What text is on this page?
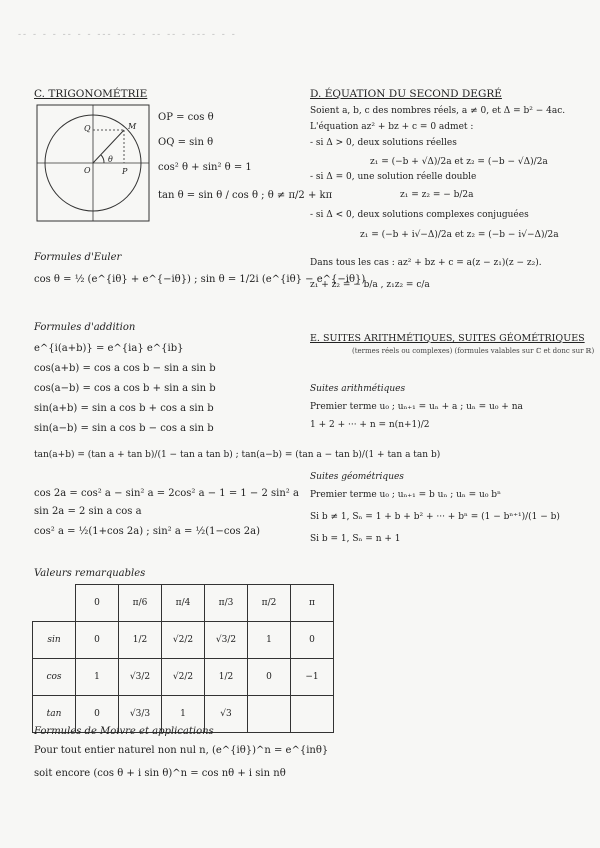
-- - - - -- - - --- -- - - -- -- - --- - - -
C. TRIGONOMÉTRIE
Q	M
P
O
θ
OP = cos θ
OQ = sin θ
cos² θ + sin² θ = 1
tan θ = sin θ / cos θ ; θ ≠ π/2 + kπ
Formules d'Euler
cos θ = ½ (e^{iθ} + e^{−iθ}) ; sin θ = 1/2i (e^{iθ} − e^{−iθ})
Formules d'addition
e^{i(a+b)} = e^{ia} e^{ib}
cos(a+b) = cos a cos b − sin a sin b
cos(a−b) = cos a cos b + sin a sin b
sin(a+b) = sin a cos b + cos a sin b
sin(a−b) = sin a cos b − cos a sin b
tan(a+b) = (tan a + tan b)/(1 − tan a tan b) ; tan(a−b) = (tan a − tan b)/(1 + tan a tan b)
cos 2a = cos² a − sin² a = 2cos² a − 1 = 1 − 2 sin² a
sin 2a = 2 sin a cos a
cos² a = ½(1+cos 2a) ; sin² a = ½(1−cos 2a)
Valeurs remarquables
	0	π/6	π/4	π/3	π/2	π
sin	0	1/2	√2/2	√3/2	1	0
cos	1	√3/2	√2/2	1/2	0	−1
tan	0	√3/3	1	√3		
Formules de Moivre et applications
Pour tout entier naturel non nul n, (e^{iθ})^n = e^{inθ}
soit encore (cos θ + i sin θ)^n = cos nθ + i sin nθ
D. ÉQUATION DU SECOND DEGRÉ
Soient a, b, c des nombres réels, a ≠ 0, et Δ = b² − 4ac.
L'équation az² + bz + c = 0 admet :
- si Δ > 0, deux solutions réelles
z₁ = (−b + √Δ)/2a et z₂ = (−b − √Δ)/2a
- si Δ = 0, une solution réelle double
z₁ = z₂ = − b/2a
- si Δ < 0, deux solutions complexes conjuguées
z₁ = (−b + i√−Δ)/2a et z₂ = (−b − i√−Δ)/2a
Dans tous les cas : az² + bz + c = a(z − z₁)(z − z₂).
z₁ + z₂ = − b/a , z₁z₂ = c/a
E. SUITES ARITHMÉTIQUES, SUITES GÉOMÉTRIQUES
(termes réels ou complexes) (formules valables sur ℂ et donc sur ℝ)
Suites arithmétiques
Premier terme u₀ ; uₙ₊₁ = uₙ + a ; uₙ = u₀ + na
1 + 2 + ··· + n = n(n+1)/2
Suites géométriques
Premier terme u₀ ; uₙ₊₁ = b uₙ ; uₙ = u₀ bⁿ
Si b ≠ 1, Sₙ = 1 + b + b² + ··· + bⁿ = (1 − bⁿ⁺¹)/(1 − b)
Si b = 1, Sₙ = n + 1
